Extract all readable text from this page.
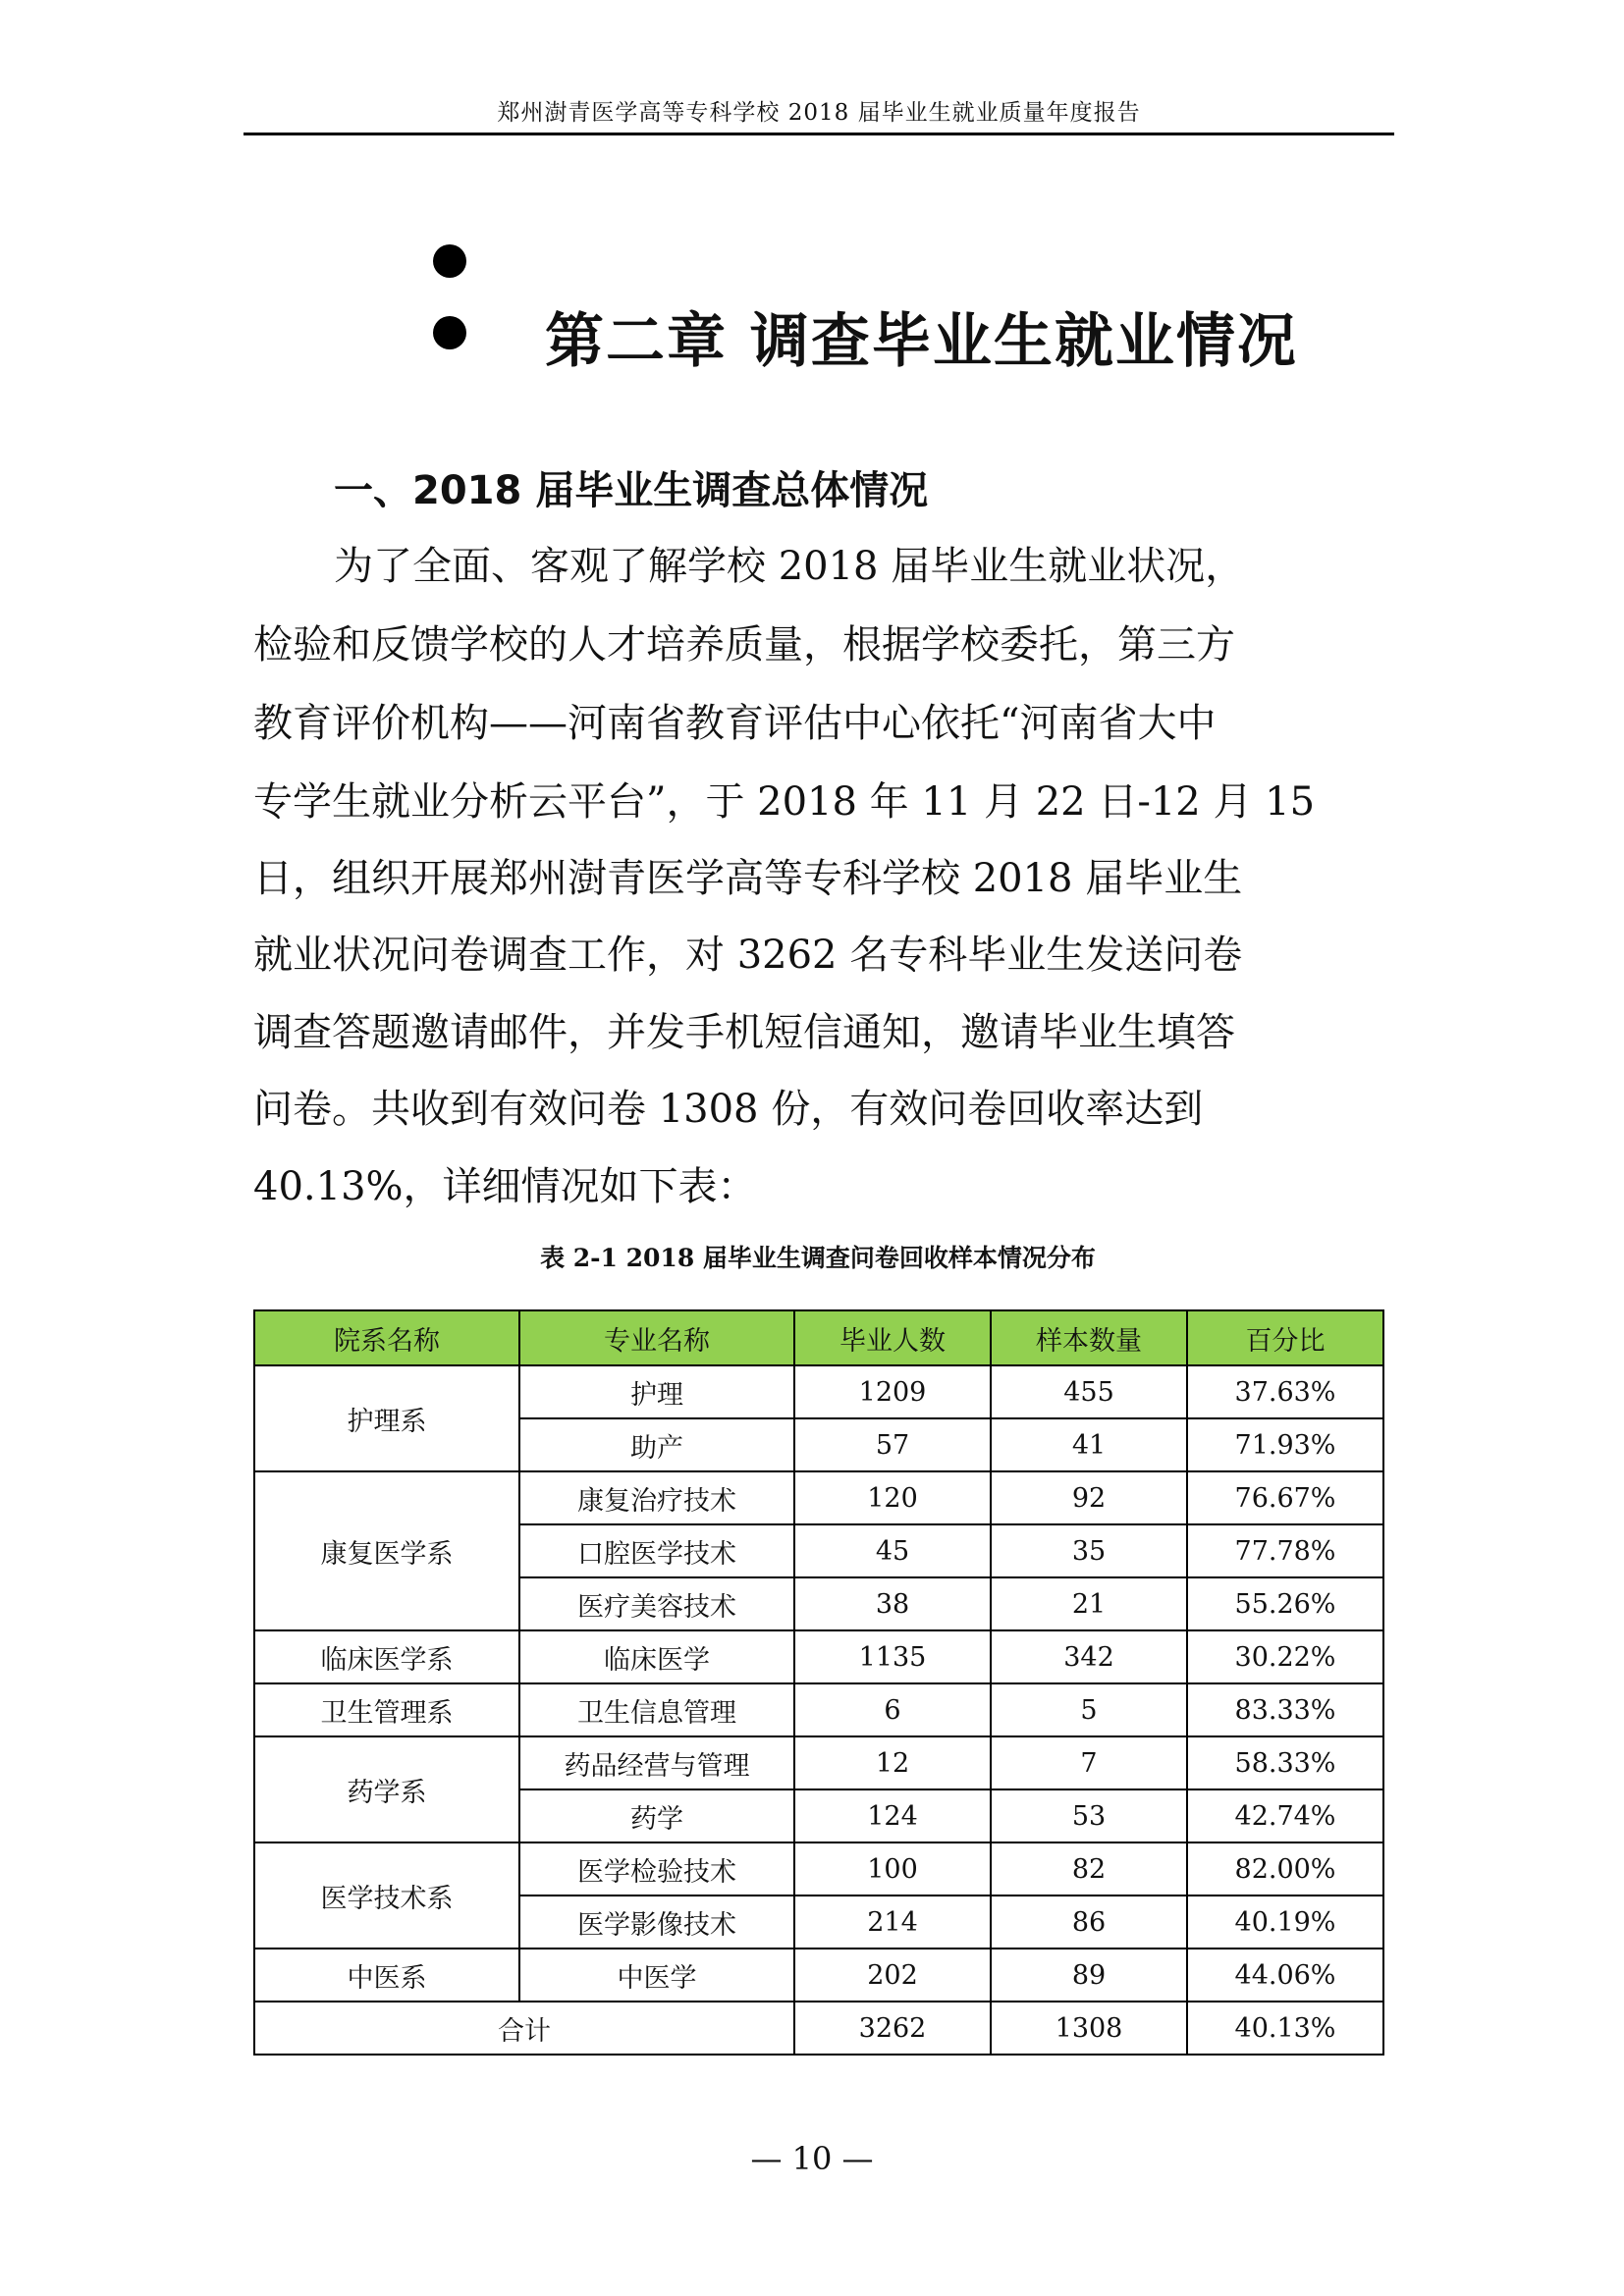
郑州澍青医学高等专科学校 2018 届毕业生就业质量年度报告
第二章 调查毕业生就业情况
一、2018 届毕业生调查总体情况
为了全面、客观了解学校 2018 届毕业生就业状况，
检验和反馈学校的人才培养质量，根据学校委托，第三方
教育评价机构——河南省教育评估中心依托“河南省大中
专学生就业分析云平台”，于 2018 年 11 月 22 日-12 月 15
日，组织开展郑州澍青医学高等专科学校 2018 届毕业生
就业状况问卷调查工作，对 3262 名专科毕业生发送问卷
调查答题邀请邮件，并发手机短信通知，邀请毕业生填答
问卷。共收到有效问卷 1308 份，有效问卷回收率达到
40.13%，详细情况如下表：
表 2-1 2018 届毕业生调查问卷回收样本情况分布
院系名称	专业名称	毕业人数	样本数量	百分比
护理系	护理	1209	455	37.63%
	助产	57	41	71.93%
康复医学系	康复治疗技术	120	92	76.67%
	口腔医学技术	45	35	77.78%
	医疗美容技术	38	21	55.26%
临床医学系	临床医学	1135	342	30.22%
卫生管理系	卫生信息管理	6	5	83.33%
药学系	药品经营与管理	12	7	58.33%
	药学	124	53	42.74%
医学技术系	医学检验技术	100	82	82.00%
	医学影像技术	214	86	40.19%
中医系	中医学	202	89	44.06%
合计		3262	1308	40.13%
— 10 —
